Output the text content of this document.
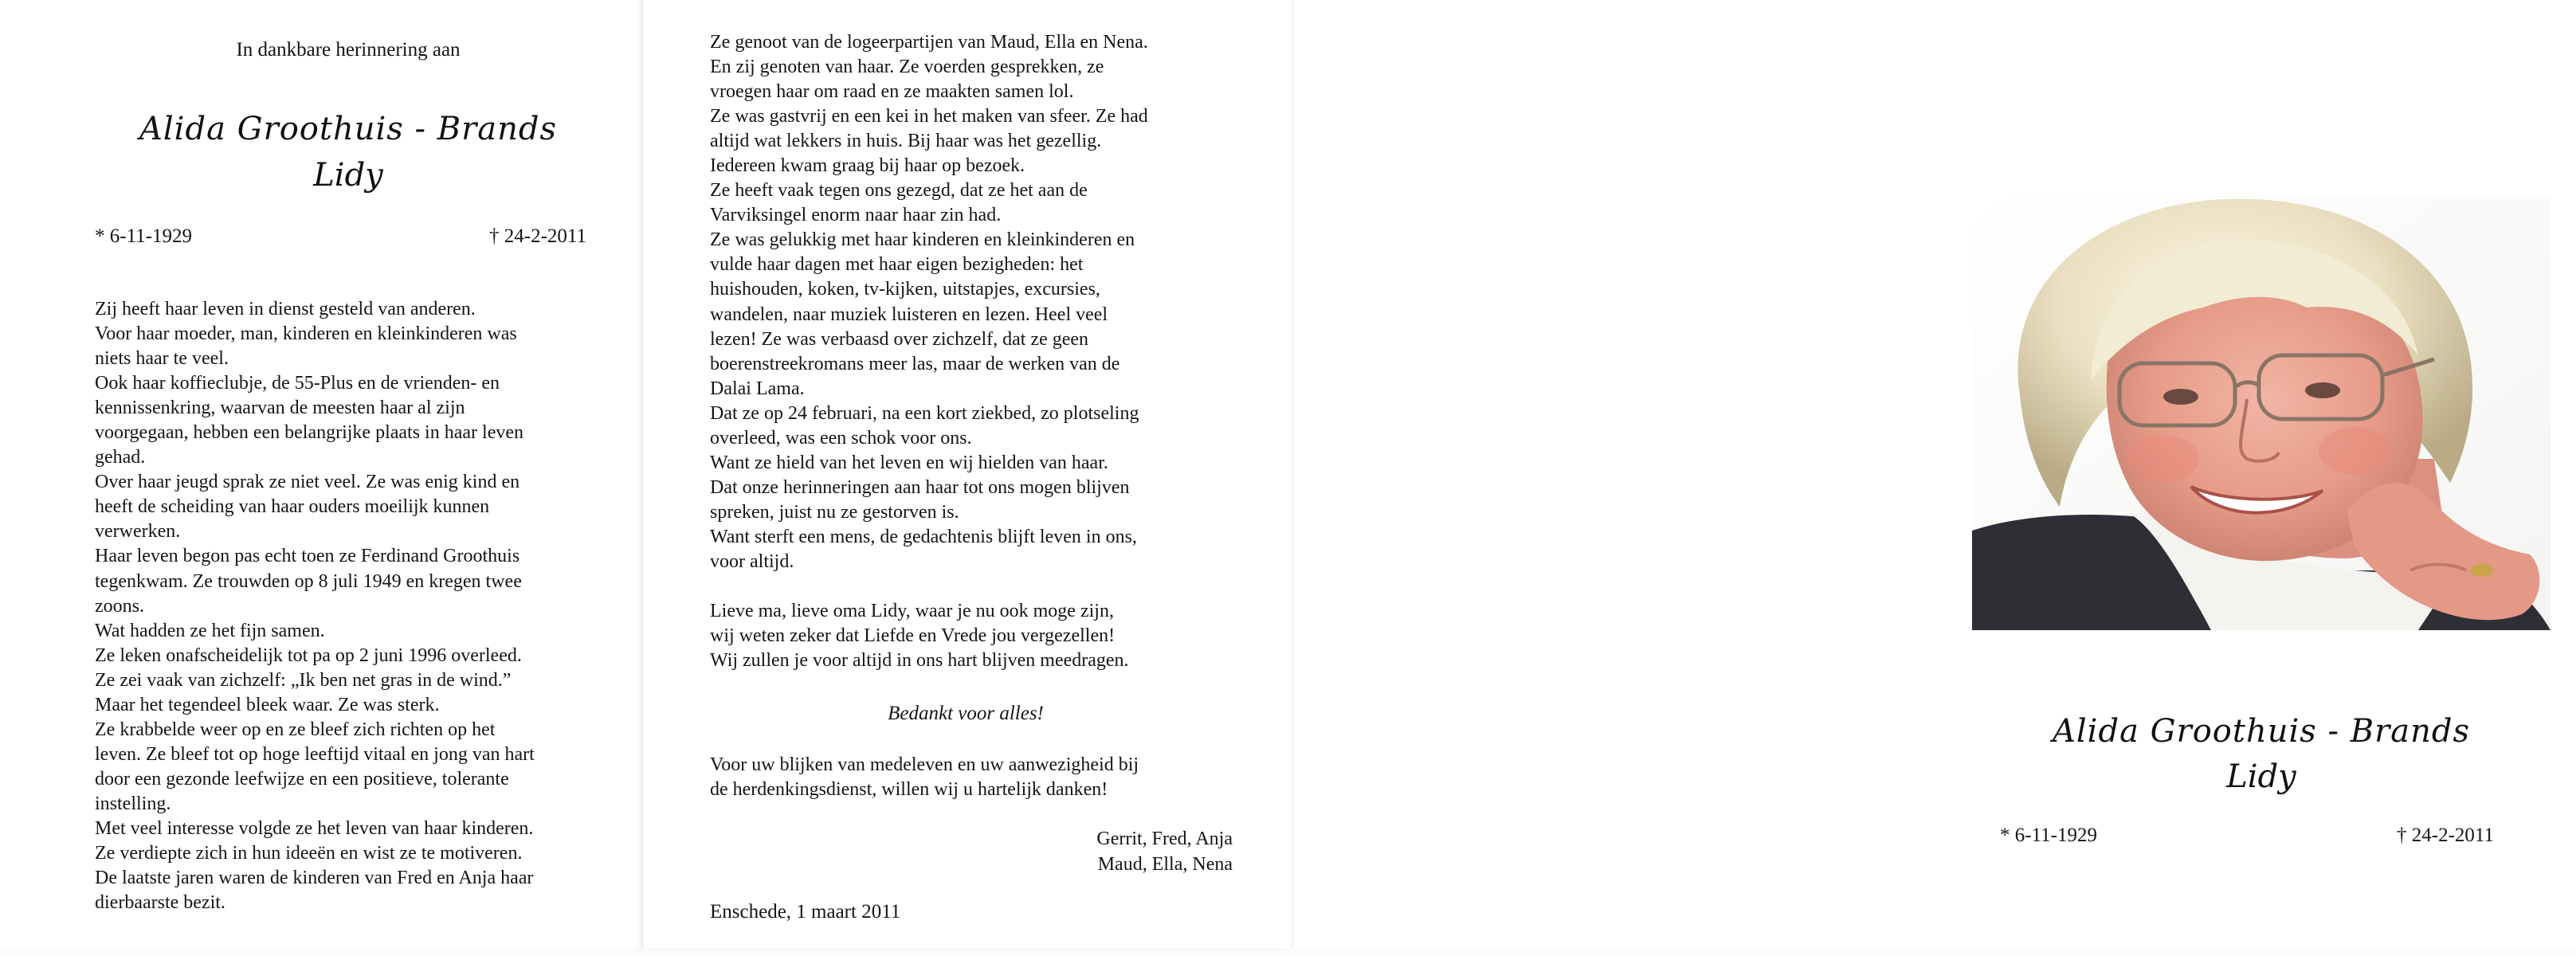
In dankbare herinnering aan
Alida Groothuis - Brands
Lidy
* 6-11-1929	† 24-2-2011

Zij heeft haar leven in dienst gesteld van anderen.

Voor haar moeder, man, kinderen en kleinkinderen was

niets haar te veel.

Ook haar koffieclubje, de 55-Plus en de vrienden- en

kennissenkring, waarvan de meesten haar al zijn

voorgegaan, hebben een belangrijke plaats in haar leven

gehad.

Over haar jeugd sprak ze niet veel. Ze was enig kind en

heeft de scheiding van haar ouders moeilijk kunnen

verwerken.

Haar leven begon pas echt toen ze Ferdinand Groothuis

tegenkwam. Ze trouwden op 8 juli 1949 en kregen twee

zoons.

Wat hadden ze het fijn samen.

Ze leken onafscheidelijk tot pa op 2 juni 1996 overleed.

Ze zei vaak van zichzelf: „Ik ben net gras in de wind.”

Maar het tegendeel bleek waar. Ze was sterk.

Ze krabbelde weer op en ze bleef zich richten op het

leven. Ze bleef tot op hoge leeftijd vitaal en jong van hart

door een gezonde leefwijze en een positieve, tolerante

instelling.

Met veel interesse volgde ze het leven van haar kinderen.

Ze verdiepte zich in hun ideeën en wist ze te motiveren.

De laatste jaren waren de kinderen van Fred en Anja haar

dierbaarste bezit.

Ze genoot van de logeerpartijen van Maud, Ella en Nena.

En zij genoten van haar. Ze voerden gesprekken, ze

vroegen haar om raad en ze maakten samen lol.

Ze was gastvrij en een kei in het maken van sfeer. Ze had

altijd wat lekkers in huis. Bij haar was het gezellig.

Iedereen kwam graag bij haar op bezoek.

Ze heeft vaak tegen ons gezegd, dat ze het aan de

Varviksingel enorm naar haar zin had.

Ze was gelukkig met haar kinderen en kleinkinderen en

vulde haar dagen met haar eigen bezigheden: het

huishouden, koken, tv-kijken, uitstapjes, excursies,

wandelen, naar muziek luisteren en lezen. Heel veel

lezen! Ze was verbaasd over zichzelf, dat ze geen

boerenstreekromans meer las, maar de werken van de

Dalai Lama.

Dat ze op 24 februari, na een kort ziekbed, zo plotseling

overleed, was een schok voor ons.

Want ze hield van het leven en wij hielden van haar.

Dat onze herinneringen aan haar tot ons mogen blijven

spreken, juist nu ze gestorven is.

Want sterft een mens, de gedachtenis blijft leven in ons,

voor altijd.

Lieve ma, lieve oma Lidy, waar je nu ook moge zijn,

wij weten zeker dat Liefde en Vrede jou vergezellen!

Wij zullen je voor altijd in ons hart blijven meedragen.

Bedankt voor alles!

Voor uw blijken van medeleven en uw aanwezigheid bij

de herdenkingsdienst, willen wij u hartelijk danken!

Gerrit, Fred, Anja

Maud, Ella, Nena

Enschede, 1 maart 2011
Alida Groothuis - Brands
Lidy
* 6-11-1929	† 24-2-2011
